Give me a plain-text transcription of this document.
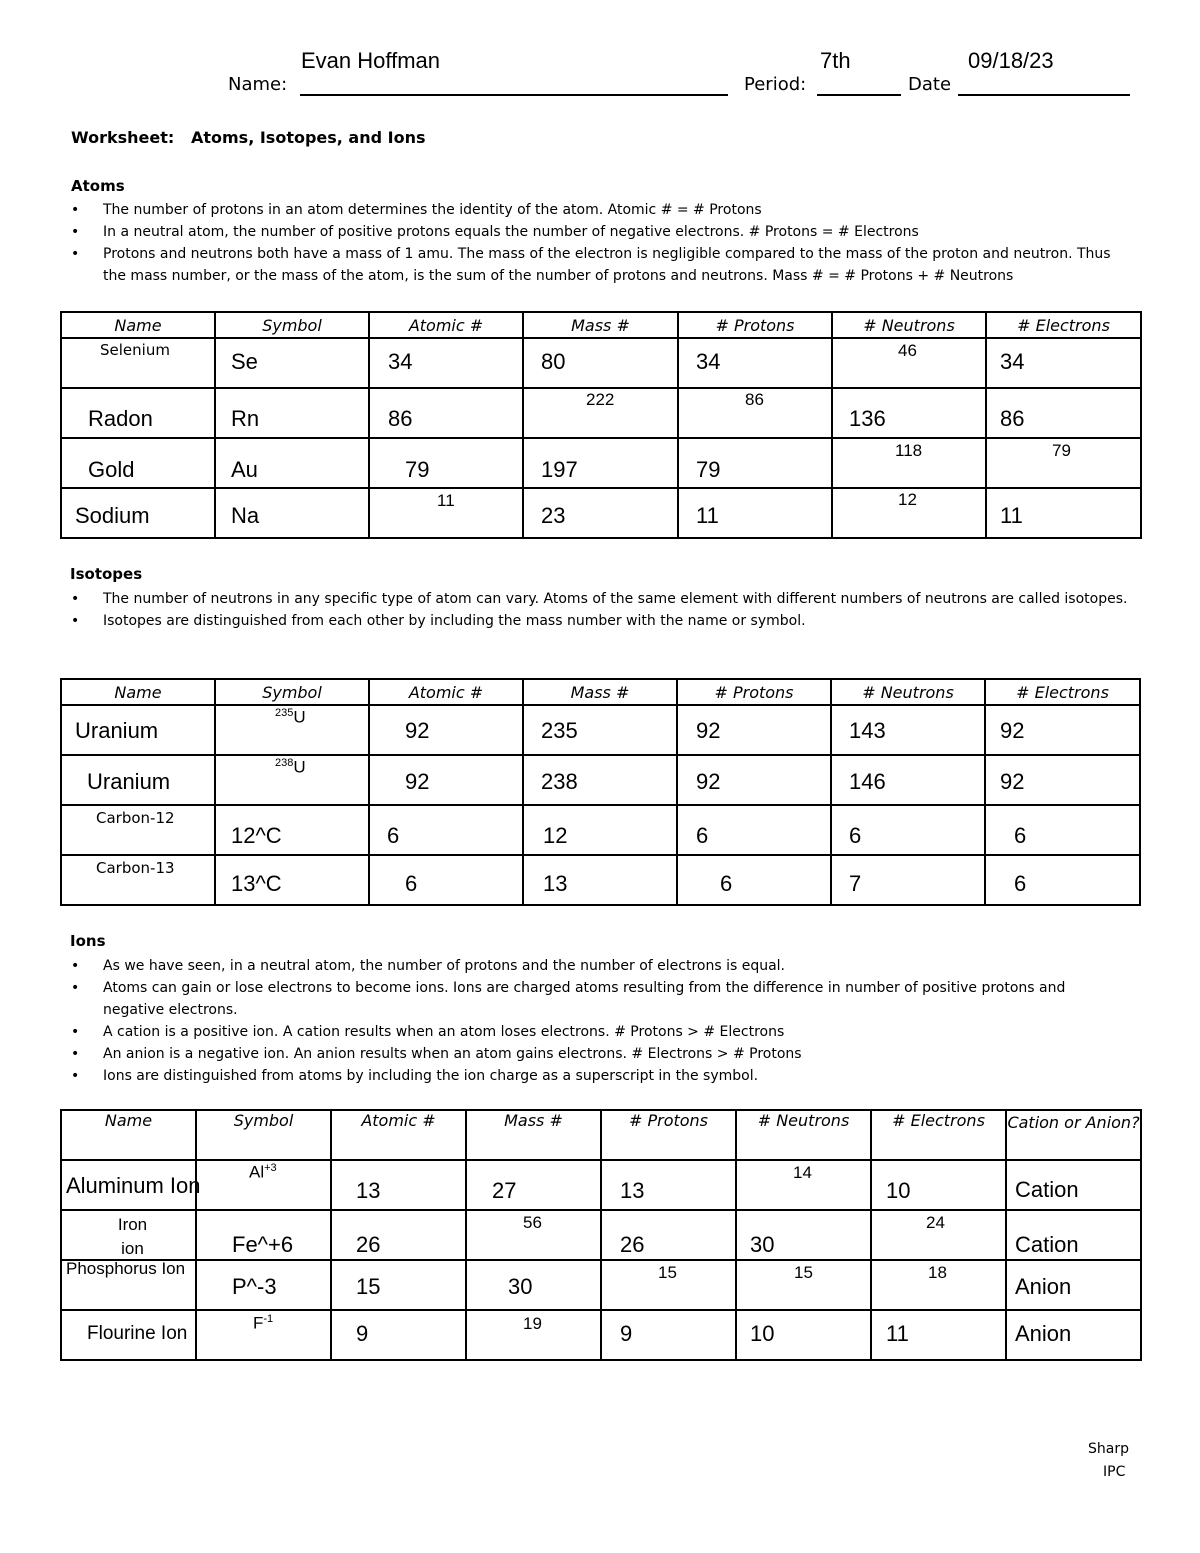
Evan Hoffman	7th	09/18/23
Name:	Period:	Date
Worksheet:   Atoms, Isotopes, and Ions
Atoms
• The number of protons in an atom determines the identity of the atom. Atomic # = # Protons
• In a neutral atom, the number of positive protons equals the number of negative electrons. # Protons = # Electrons
• Protons and neutrons both have a mass of 1 amu. The mass of the electron is negligible compared to the mass of the proton and neutron. Thus the mass number, or the mass of the atom, is the sum of the number of protons and neutrons. Mass # = # Protons + # Neutrons
Name	Symbol	Atomic #	Mass #	# Protons	# Neutrons	# Electrons

Selenium	Se	34	80	34	46	34

Radon	Rn	86	222	86	136	86

Gold	Au	79	197	79	118	79

Sodium	Na	11	23	11	12	11
Isotopes
• The number of neutrons in any specific type of atom can vary. Atoms of the same element with different numbers of neutrons are called isotopes.
• Isotopes are distinguished from each other by including the mass number with the name or symbol.
Name	Symbol	Atomic #	Mass #	# Protons	# Neutrons	# Electrons

Uranium	$^{235}$U	92	235	92	143	92

Uranium	$^{238}$U	92	238	92	146	92

Carbon-12	12^C	6	12	6	6	6

Carbon-13	13^C	6	13	6	7	6
Ions
• As we have seen, in a neutral atom, the number of protons and the number of electrons is equal.
• Atoms can gain or lose electrons to become ions. Ions are charged atoms resulting from the difference in number of positive protons and negative electrons.
• A cation is a positive ion. A cation results when an atom loses electrons. # Protons > # Electrons
• An anion is a negative ion. An anion results when an atom gains electrons. # Electrons > # Protons
• Ions are distinguished from atoms by including the ion charge as a superscript in the symbol.
Name	Symbol	Atomic #	Mass #	# Protons	# Neutrons	# Electrons	Cation or Anion?

Aluminum Ion	$Al^{+3}$	13	27	13	14	10	Cation

Iron ion	Fe^+6	26	56	26	30	24	Cation

Phosphorus Ion	P^-3	15	30	15	15	18	Anion

Flourine Ion	$F^{-1}$	9	19	9	10	11	Anion
Sharp
IPC
